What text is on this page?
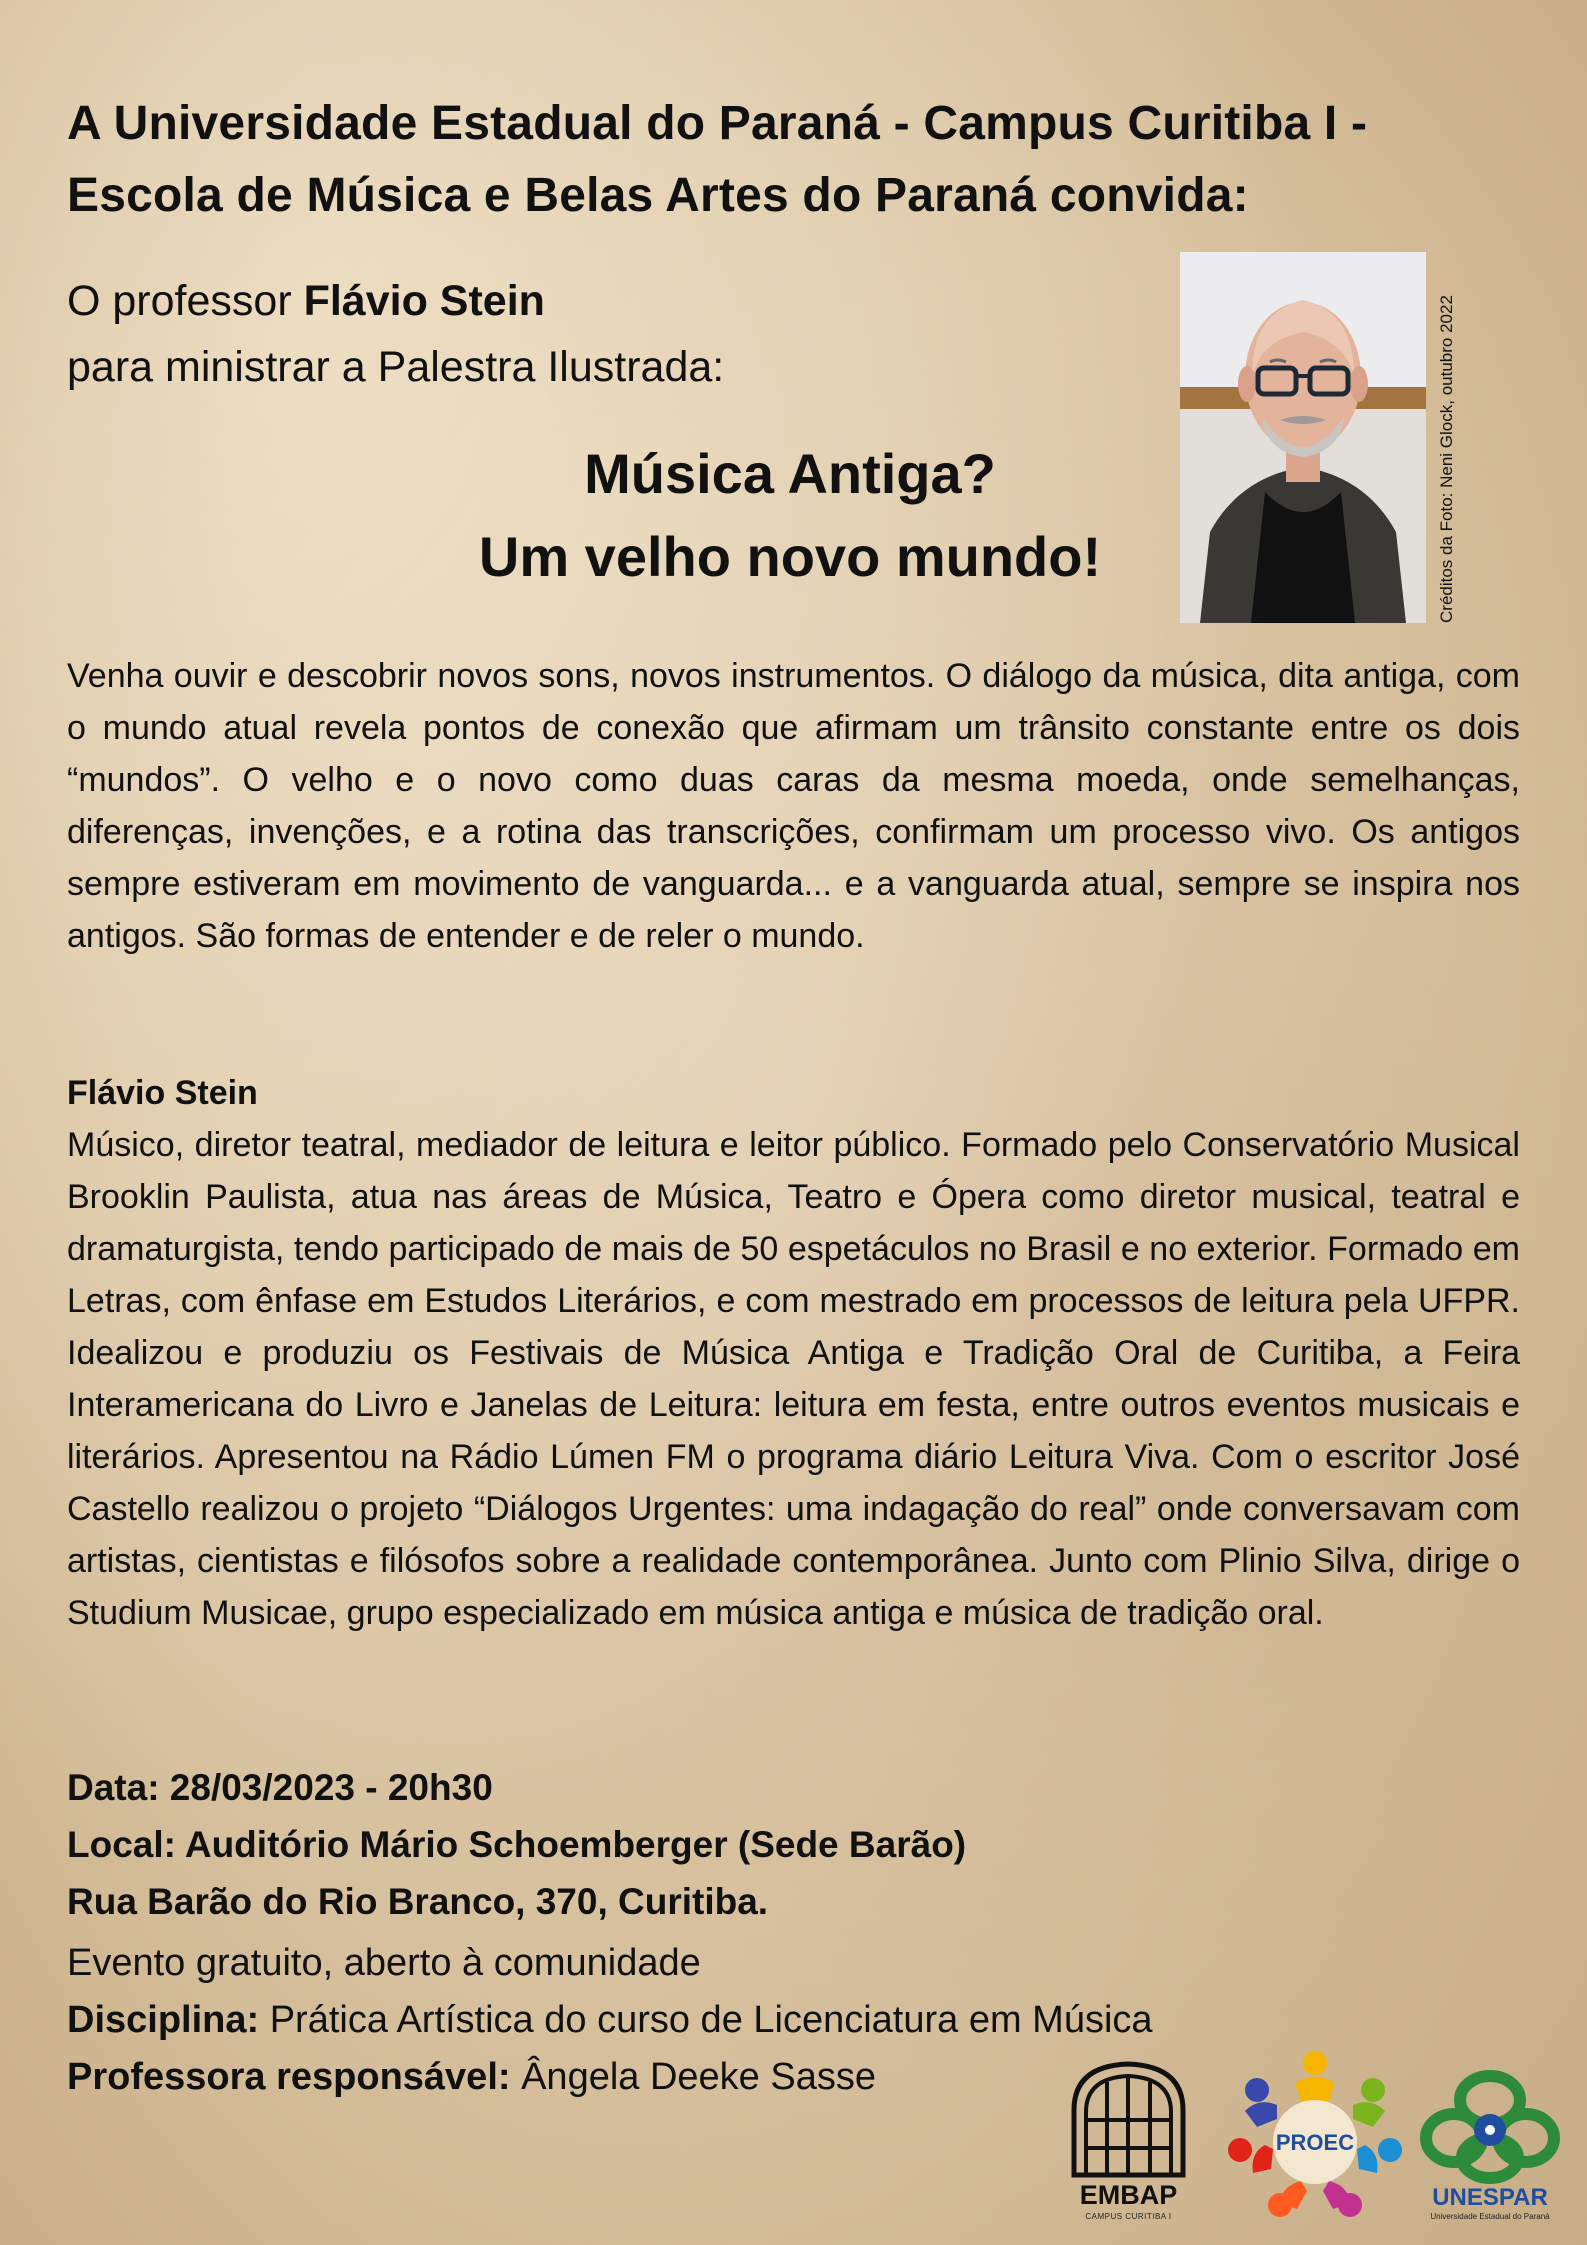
A Universidade Estadual do Paraná - Campus Curitiba I -
Escola de Música e Belas Artes do Paraná convida:
O professor Flávio Stein
para ministrar a Palestra Ilustrada:
Música Antiga?
Um velho novo mundo!	Créditos da Foto: Neni Glock, outubro 2022

Venha ouvir e descobrir novos sons, novos instrumentos. O diálogo da música, dita antiga, com o mundo atual revela pontos de conexão que afirmam um trânsito constante entre os dois “mundos”. O velho e o novo como duas caras da mesma moeda, onde semelhanças, diferenças, invenções, e a rotina das transcrições, confirmam um processo vivo. Os antigos sempre estiveram em movimento de vanguarda... e a vanguarda atual, sempre se inspira nos antigos. São formas de entender e de reler o mundo.

Flávio Stein

Músico, diretor teatral, mediador de leitura e leitor público. Formado pelo Conservatório Musical Brooklin Paulista, atua nas áreas de Música, Teatro e Ópera como diretor musical, teatral e dramaturgista, tendo participado de mais de 50 espetáculos no Brasil e no exterior. Formado em Letras, com ênfase em Estudos Literários, e com mestrado em processos de leitura pela UFPR. Idealizou e produziu os Festivais de Música Antiga e Tradição Oral de Curitiba, a Feira Interamericana do Livro e Janelas de Leitura: leitura em festa, entre outros eventos musicais e literários. Apresentou na Rádio Lúmen FM o programa diário Leitura Viva. Com o escritor José Castello realizou o projeto “Diálogos Urgentes: uma indagação do real” onde conversavam com artistas, cientistas e filósofos sobre a realidade contemporânea. Junto com Plinio Silva, dirige o Studium Musicae, grupo especializado em música antiga e música de tradição oral.

Data: 28/03/2023 - 20h30
Local: Auditório Mário Schoemberger (Sede Barão)
Rua Barão do Rio Branco, 370, Curitiba.
Evento gratuito, aberto à comunidade
Disciplina: Prática Artística do curso de Licenciatura em Música
Professora responsável: Ângela Deeke Sasse
EMBAP
CAMPUS CURITIBA I
PROEC
UNESPAR
Universidade Estadual do Paraná
